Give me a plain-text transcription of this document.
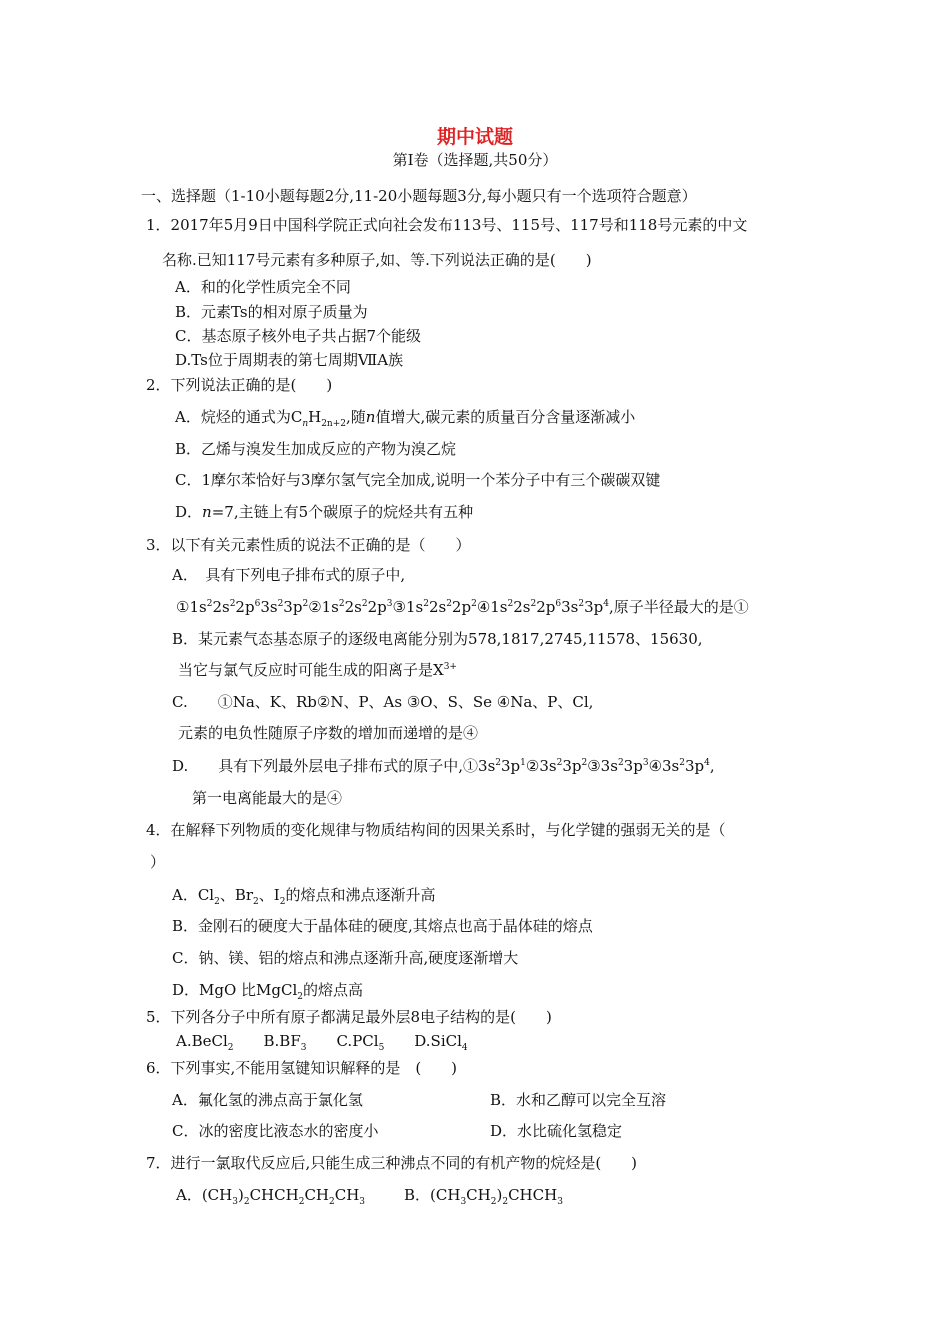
期中试题
第Ⅰ卷（选择题,共50分）
一、选择题（1-10小题每题2分,11-20小题每题3分,每小题只有一个选项符合题意）
1．2017年5月9日中国科学院正式向社会发布113号、115号、117号和118号元素的中文
名称.已知117号元素有多种原子,如、等.下列说法正确的是(　　)
A．和的化学性质完全不同
B．元素Ts的相对原子质量为
C．基态原子核外电子共占据7个能级
D.Ts位于周期表的第七周期ⅦA族
2．下列说法正确的是(　　)
A．烷烃的通式为$C_nH_{2n+2}$,随n值增大,碳元素的质量百分含量逐渐减小
B．乙烯与溴发生加成反应的产物为溴乙烷
C．1摩尔苯恰好与3摩尔氢气完全加成,说明一个苯分子中有三个碳碳双键
D．n=7,主链上有5个碳原子的烷烃共有五种
3．以下有关元素性质的说法不正确的是（　　）
A．　具有下列电子排布式的原子中,
$①1s^22s^22p^63s^23p^2②1s^22s^22p^3③1s^22s^22p^2④1s^22s^22p^63s^23p^4$,原子半径最大的是①
B．某元素气态基态原子的逐级电离能分别为578,1817,2745,11578、15630,
当它与氯气反应时可能生成的阳离子是$X^{3+}$
C.　　①Na、K、Rb②N、P、As ③O、S、Se ④Na、P、Cl,
元素的电负性随原子序数的增加而递增的是④
D.　　具有下列最外层电子排布式的原子中$,①3s^23p^1②3s^23p^2③3s^23p^3④3s^23p^4$,
第一电离能最大的是④
4．在解释下列物质的变化规律与物质结构间的因果关系时，与化学键的强弱无关的是（
）
A．$Cl_2$、$Br_2$、$I_2$的熔点和沸点逐渐升高
B．金刚石的硬度大于晶体硅的硬度,其熔点也高于晶体硅的熔点
C．钠、镁、铝的熔点和沸点逐渐升高,硬度逐渐增大
D．MgO 比MgCl$_2$的熔点高
5．下列各分子中所有原子都满足最外层8电子结构的是(　　)
A.BeCl$_2$　　$B.BF_3$　　C.PCl$_5$　　D.SiCl$_4$
6．下列事实,不能用氢键知识解释的是　(　　)
A．氟化氢的沸点高于氯化氢	B．水和乙醇可以完全互溶
C．冰的密度比液态水的密度小	D．水比硫化氢稳定
7．进行一氯取代反应后,只能生成三种沸点不同的有机产物的烷烃是(　　)
A．$(CH_3)_2CHCH_2CH_2CH_3$	B．$(CH_3CH_2)_2CHCH_3$
